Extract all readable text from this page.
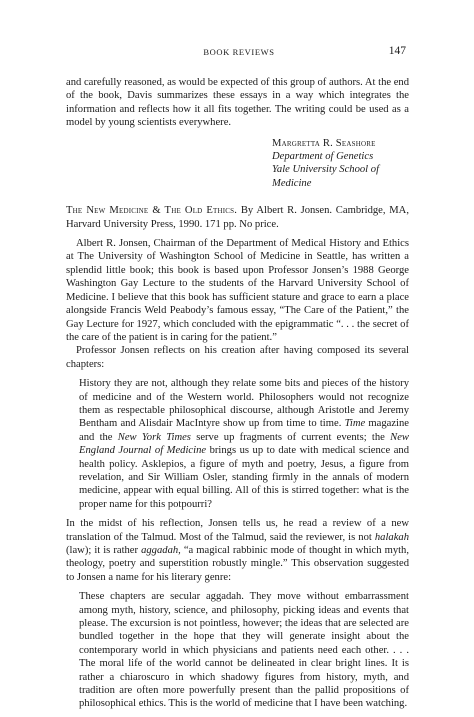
BOOK REVIEWS	147

and carefully reasoned, as would be expected of this group of authors. At the end of the book, Davis summarizes these essays in a way which integrates the information and reflects how it all fits together. The writing could be used as a model by young scientists everywhere.

Margretta R. Seashore
Department of Genetics
Yale University School of Medicine

The New Medicine & The Old Ethics. By Albert R. Jonsen. Cambridge, MA, Harvard University Press, 1990. 171 pp. No price.

Albert R. Jonsen, Chairman of the Department of Medical History and Ethics at The University of Washington School of Medicine in Seattle, has written a splendid little book; this book is based upon Professor Jonsen’s 1988 George Washington Gay Lecture to the students of the Harvard University School of Medicine. I believe that this book has sufficient stature and grace to earn a place alongside Francis Weld Peabody’s famous essay, “The Care of the Patient,” the Gay Lecture for 1927, which concluded with the epigrammatic “. . . the secret of the care of the patient is in caring for the patient.”

Professor Jonsen reflects on his creation after having composed its several chapters:

History they are not, although they relate some bits and pieces of the history of medicine and of the Western world. Philosophers would not recognize them as respectable philosophical discourse, although Aristotle and Jeremy Bentham and Alisdair MacIntyre show up from time to time. Time magazine and the New York Times serve up fragments of current events; the New England Journal of Medicine brings us up to date with medical science and health policy. Asklepios, a figure of myth and poetry, Jesus, a figure from revelation, and Sir William Osler, standing firmly in the annals of modern medicine, appear with equal billing. All of this is stirred together: what is the proper name for this potpourri?

In the midst of his reflection, Jonsen tells us, he read a review of a new translation of the Talmud. Most of the Talmud, said the reviewer, is not halakah (law); it is rather aggadah, “a magical rabbinic mode of thought in which myth, theology, poetry and superstition robustly mingle.” This observation suggested to Jonsen a name for his literary genre:

These chapters are secular aggadah. They move without embarrassment among myth, history, science, and philosophy, picking ideas and events that please. The excursion is not pointless, however; the ideas that are selected are bundled together in the hope that they will generate insight about the contemporary world in which physicians and patients need each other. . . . The moral life of the world cannot be delineated in clear bright lines. It is rather a chiaroscuro in which shadowy figures from history, myth, and tradition are often more powerfully present than the pallid propositions of philosophical ethics. This is the world of medicine that I have been watching.
